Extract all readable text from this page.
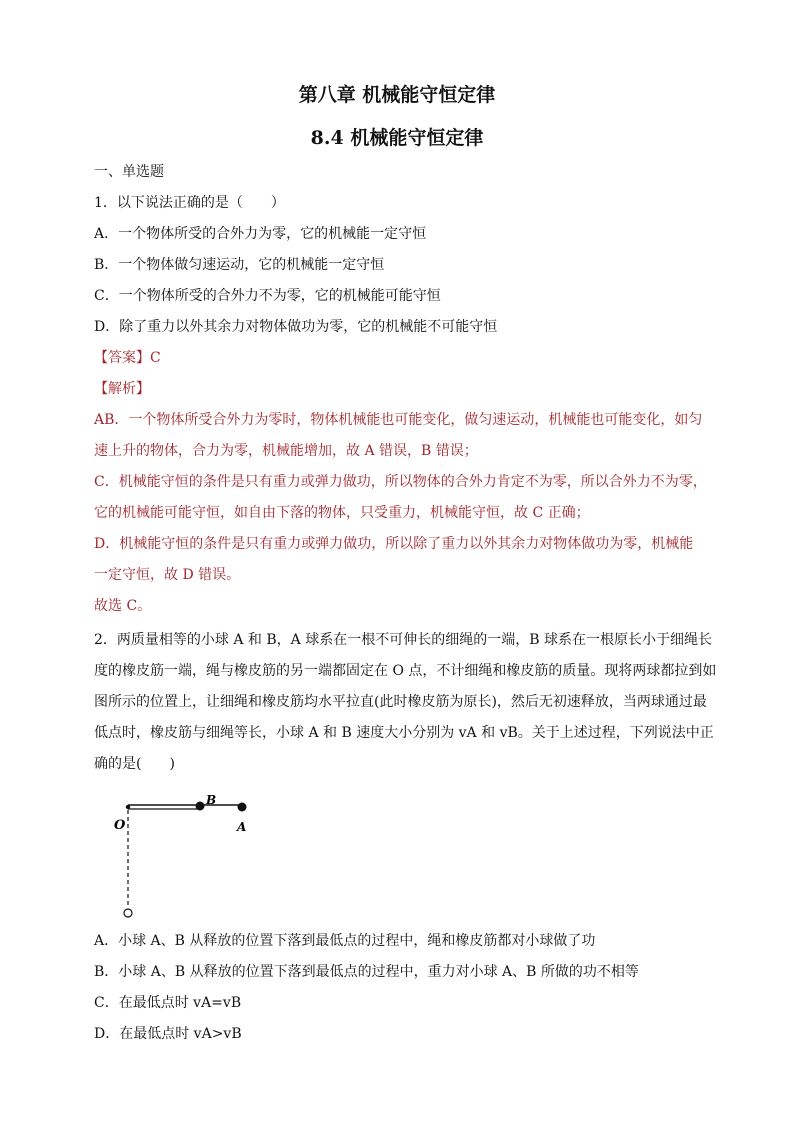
第八章 机械能守恒定律
8.4 机械能守恒定律
一、单选题
1．以下说法正确的是（　　）
A．一个物体所受的合外力为零，它的机械能一定守恒
B．一个物体做匀速运动，它的机械能一定守恒
C．一个物体所受的合外力不为零，它的机械能可能守恒
D．除了重力以外其余力对物体做功为零，它的机械能不可能守恒
【答案】C
【解析】
AB．一个物体所受合外力为零时，物体机械能也可能变化，做匀速运动，机械能也可能变化，如匀
速上升的物体，合力为零，机械能增加，故 A 错误，B 错误；
C．机械能守恒的条件是只有重力或弹力做功，所以物体的合外力肯定不为零，所以合外力不为零，
它的机械能可能守恒，如自由下落的物体，只受重力，机械能守恒，故 C 正确；
D．机械能守恒的条件是只有重力或弹力做功，所以除了重力以外其余力对物体做功为零，机械能
一定守恒，故 D 错误。
故选 C。
2．两质量相等的小球 A 和 B，A 球系在一根不可伸长的细绳的一端，B 球系在一根原长小于细绳长
度的橡皮筋一端，绳与橡皮筋的另一端都固定在 O 点，不计细绳和橡皮筋的质量。现将两球都拉到如
图所示的位置上，让细绳和橡皮筋均水平拉直(此时橡皮筋为原长)，然后无初速释放，当两球通过最
低点时，橡皮筋与细绳等长，小球 A 和 B 速度大小分别为 vA 和 vB。关于上述过程，下列说法中正
确的是(　　)
O
B
A
A．小球 A、B 从释放的位置下落到最低点的过程中，绳和橡皮筋都对小球做了功
B．小球 A、B 从释放的位置下落到最低点的过程中，重力对小球 A、B 所做的功不相等
C．在最低点时 vA=vB
D．在最低点时 vA>vB
